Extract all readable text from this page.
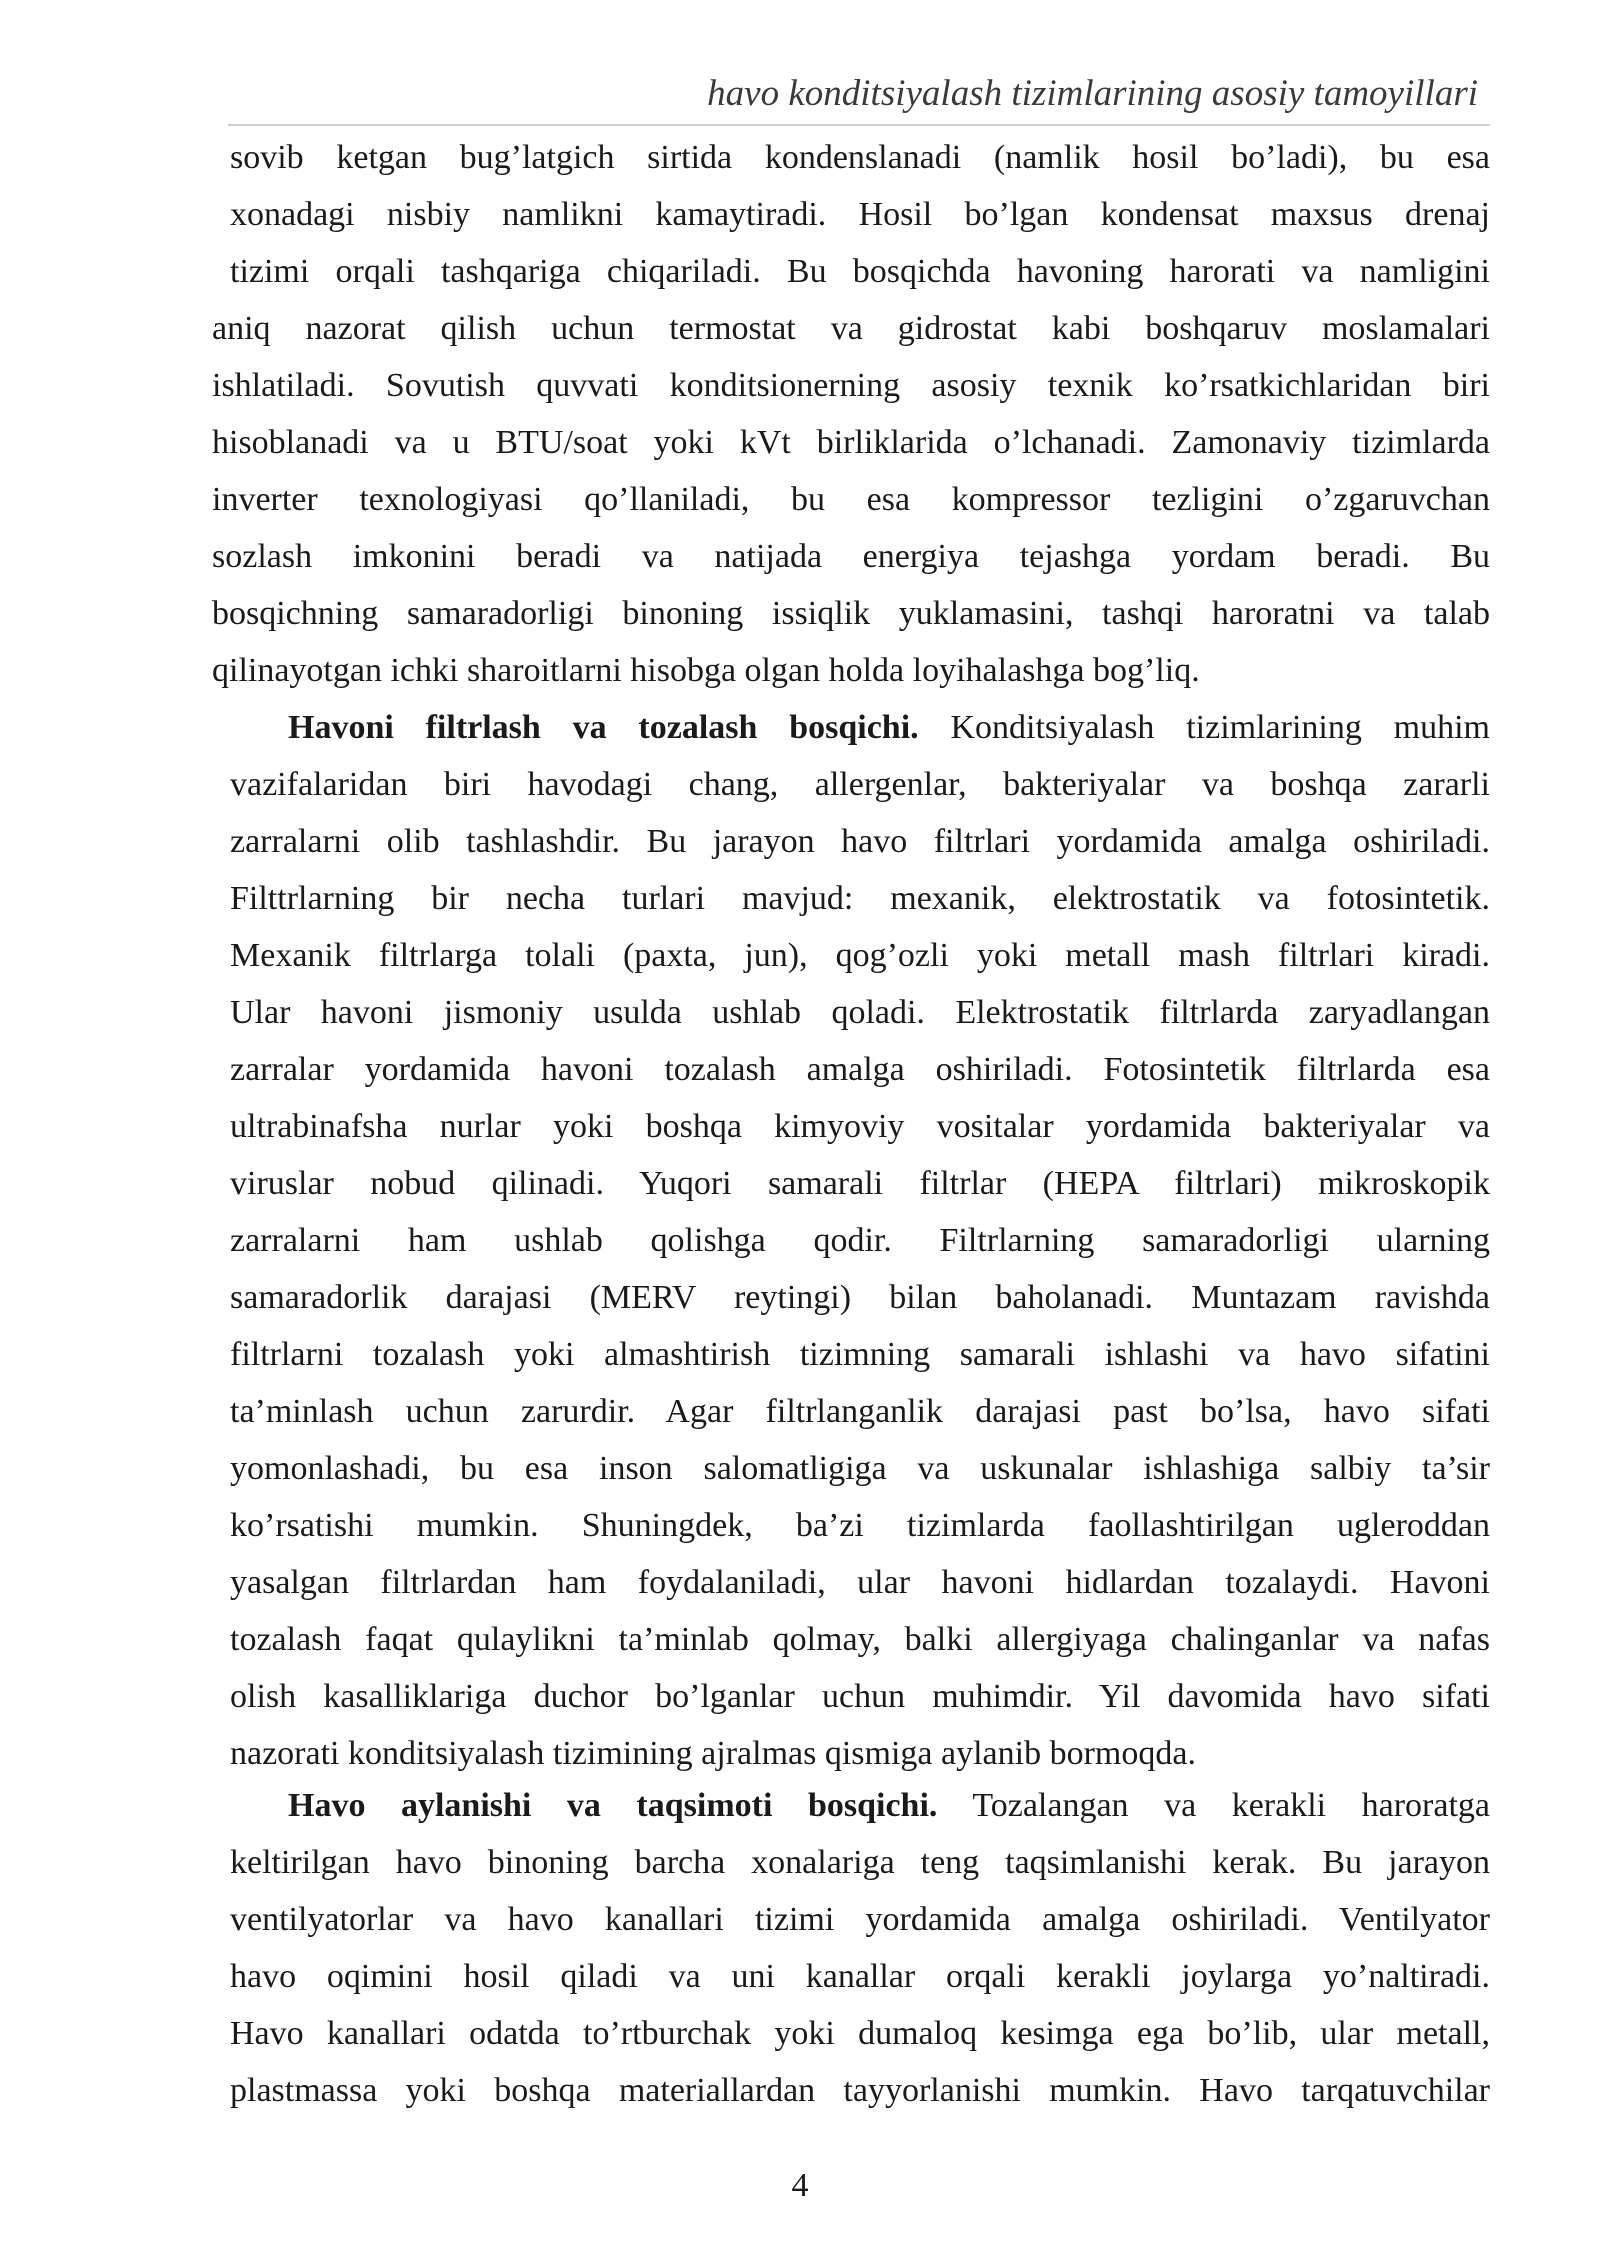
havo konditsiyalash tizimlarining asosiy tamoyillari
sovib ketgan bug’latgich sirtida kondenslanadi (namlik hosil bo’ladi), bu esa
xonadagi nisbiy namlikni kamaytiradi. Hosil bo’lgan kondensat maxsus drenaj
tizimi orqali tashqariga chiqariladi. Bu bosqichda havoning harorati va namligini
aniq nazorat qilish uchun termostat va gidrostat kabi boshqaruv moslamalari
ishlatiladi. Sovutish quvvati konditsionerning asosiy texnik ko’rsatkichlaridan biri
hisoblanadi va u BTU/soat yoki kVt birliklarida o’lchanadi. Zamonaviy tizimlarda
inverter texnologiyasi qo’llaniladi, bu esa kompressor tezligini o’zgaruvchan
sozlash imkonini beradi va natijada energiya tejashga yordam beradi. Bu
bosqichning samaradorligi binoning issiqlik yuklamasini, tashqi haroratni va talab
qilinayotgan ichki sharoitlarni hisobga olgan holda loyihalashga bog’liq.
Havoni filtrlash va tozalash bosqichi. Konditsiyalash tizimlarining muhim
vazifalaridan biri havodagi chang, allergenlar, bakteriyalar va boshqa zararli
zarralarni olib tashlashdir. Bu jarayon havo filtrlari yordamida amalga oshiriladi.
Filttrlarning bir necha turlari mavjud: mexanik, elektrostatik va fotosintetik.
Mexanik filtrlarga tolali (paxta, jun), qog’ozli yoki metall mash filtrlari kiradi.
Ular havoni jismoniy usulda ushlab qoladi. Elektrostatik filtrlarda zaryadlangan
zarralar yordamida havoni tozalash amalga oshiriladi. Fotosintetik filtrlarda esa
ultrabinafsha nurlar yoki boshqa kimyoviy vositalar yordamida bakteriyalar va
viruslar nobud qilinadi. Yuqori samarali filtrlar (HEPA filtrlari) mikroskopik
zarralarni ham ushlab qolishga qodir. Filtrlarning samaradorligi ularning
samaradorlik darajasi (MERV reytingi) bilan baholanadi. Muntazam ravishda
filtrlarni tozalash yoki almashtirish tizimning samarali ishlashi va havo sifatini
ta’minlash uchun zarurdir. Agar filtrlanganlik darajasi past bo’lsa, havo sifati
yomonlashadi, bu esa inson salomatligiga va uskunalar ishlashiga salbiy ta’sir
ko’rsatishi mumkin. Shuningdek, ba’zi tizimlarda faollashtirilgan ugleroddan
yasalgan filtrlardan ham foydalaniladi, ular havoni hidlardan tozalaydi. Havoni
tozalash faqat qulaylikni ta’minlab qolmay, balki allergiyaga chalinganlar va nafas
olish kasalliklariga duchor bo’lganlar uchun muhimdir. Yil davomida havo sifati
nazorati konditsiyalash tizimining ajralmas qismiga aylanib bormoqda.
Havo aylanishi va taqsimoti bosqichi. Tozalangan va kerakli haroratga
keltirilgan havo binoning barcha xonalariga teng taqsimlanishi kerak. Bu jarayon
ventilyatorlar va havo kanallari tizimi yordamida amalga oshiriladi. Ventilyator
havo oqimini hosil qiladi va uni kanallar orqali kerakli joylarga yo’naltiradi.
Havo kanallari odatda to’rtburchak yoki dumaloq kesimga ega bo’lib, ular metall,
plastmassa yoki boshqa materiallardan tayyorlanishi mumkin. Havo tarqatuvchilar
4
